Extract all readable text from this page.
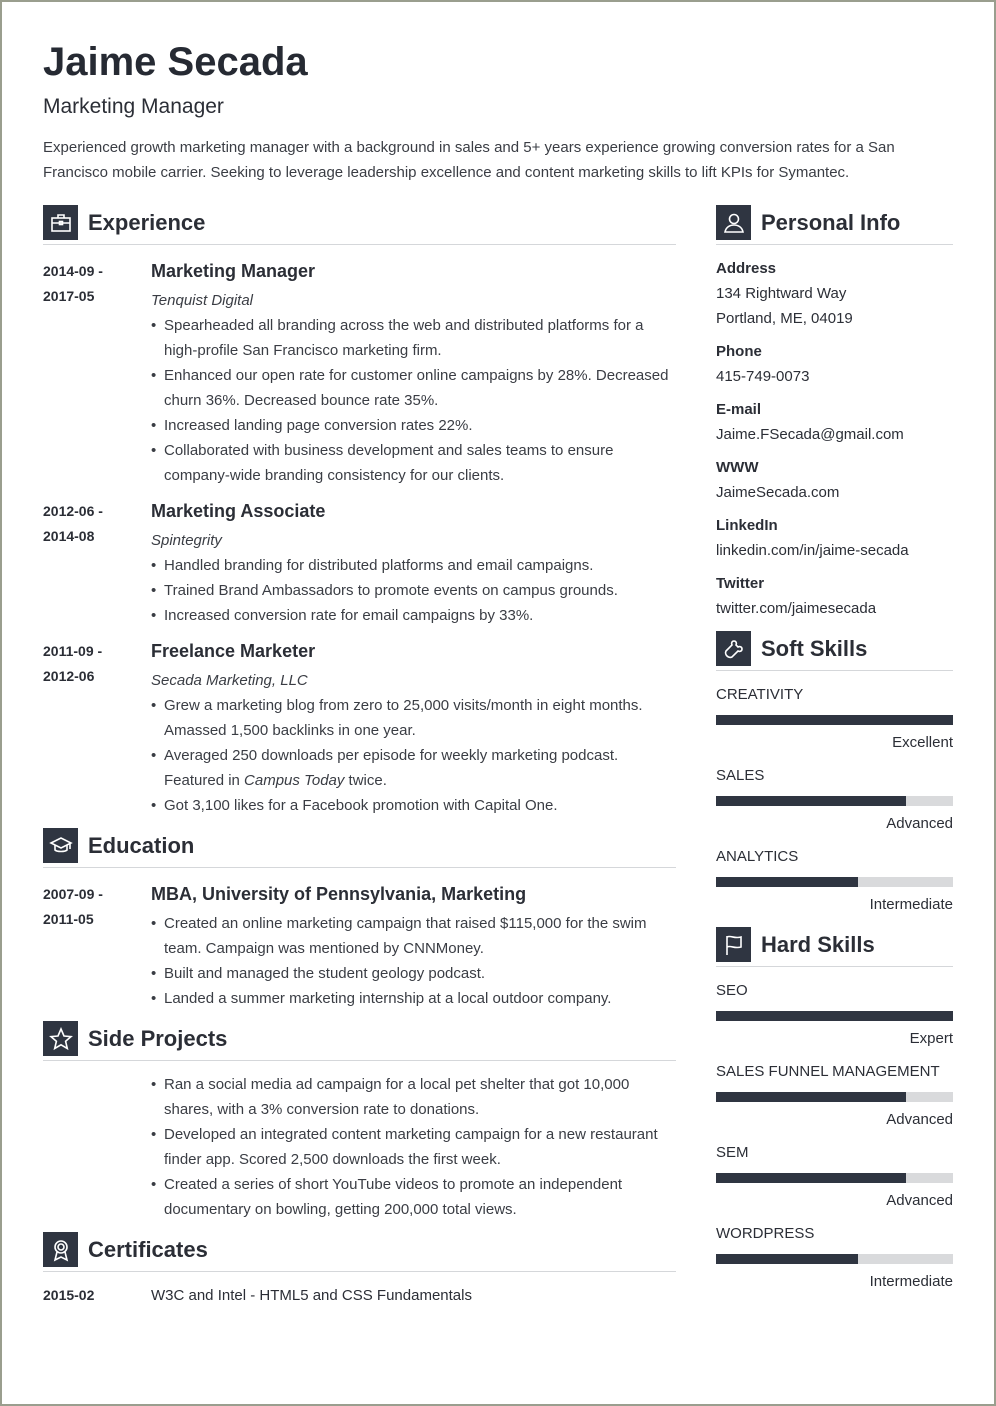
Jaime Secada
Marketing Manager
Experienced growth marketing manager with a background in sales and 5+ years experience growing conversion rates for a San Francisco mobile carrier. Seeking to leverage leadership excellence and content marketing skills to lift KPIs for Symantec.
Experience
2014-09 -
2017-05
Marketing Manager
Tenquist Digital
• Spearheaded all branding across the web and distributed platforms for a high-profile San Francisco marketing firm.
• Enhanced our open rate for customer online campaigns by 28%. Decreased churn 36%. Decreased bounce rate 35%.
• Increased landing page conversion rates 22%.
• Collaborated with business development and sales teams to ensure company-wide branding consistency for our clients.
2012-06 -
2014-08
Marketing Associate
Spintegrity
• Handled branding for distributed platforms and email campaigns.
• Trained Brand Ambassadors to promote events on campus grounds.
• Increased conversion rate for email campaigns by 33%.
2011-09 -
2012-06
Freelance Marketer
Secada Marketing, LLC
• Grew a marketing blog from zero to 25,000 visits/month in eight months. Amassed 1,500 backlinks in one year.
• Averaged 250 downloads per episode for weekly marketing podcast. Featured in Campus Today twice.
• Got 3,100 likes for a Facebook promotion with Capital One.
Education
2007-09 -
2011-05
MBA, University of Pennsylvania, Marketing
• Created an online marketing campaign that raised $115,000 for the swim team. Campaign was mentioned by CNNMoney.
• Built and managed the student geology podcast.
• Landed a summer marketing internship at a local outdoor company.
Side Projects
• Ran a social media ad campaign for a local pet shelter that got 10,000 shares, with a 3% conversion rate to donations.
• Developed an integrated content marketing campaign for a new restaurant finder app. Scored 2,500 downloads the first week.
• Created a series of short YouTube videos to promote an independent documentary on bowling, getting 200,000 total views.
Certificates
2015-02	W3C and Intel - HTML5 and CSS Fundamentals
Personal Info
Address
134 Rightward Way
Portland, ME, 04019
Phone
415-749-0073
E-mail
Jaime.FSecada@gmail.com
WWW
JaimeSecada.com
LinkedIn
linkedin.com/in/jaime-secada
Twitter
twitter.com/jaimesecada
Soft Skills
CREATIVITY
Excellent
SALES
Advanced
ANALYTICS
Intermediate
Hard Skills
SEO
Expert
SALES FUNNEL MANAGEMENT
Advanced
SEM
Advanced
WORDPRESS
Intermediate
